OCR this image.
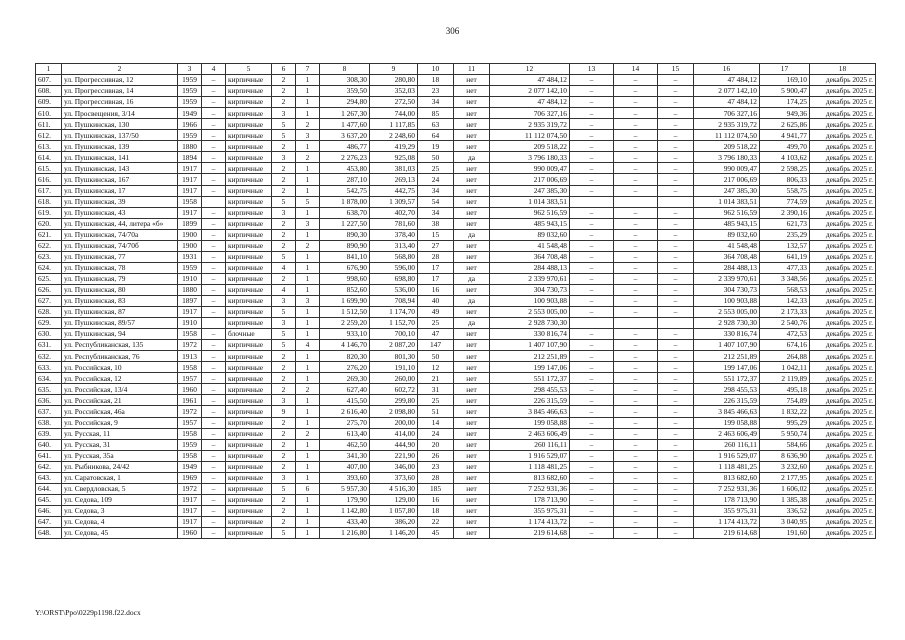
306
1	2	3	4	5	6	7	8	9	10	11	12	13	14	15	16	17	18
607.	ул. Прогрессивная, 12	1959	–	кирпичные	2	1	308,30	280,80	18	нет	47 484,12	–	–	–	47 484,12	169,10	декабрь 2025 г.
608.	ул. Прогрессивная, 14	1959	–	кирпичные	2	1	359,50	352,03	23	нет	2 077 142,10	–	–	–	2 077 142,10	5 900,47	декабрь 2025 г.
609.	ул. Прогрессивная, 16	1959	–	кирпичные	2	1	294,80	272,50	34	нет	47 484,12	–	–	–	47 484,12	174,25	декабрь 2025 г.
610.	ул. Просвещения, 3/14	1949	–	кирпичные	3	1	1 267,30	744,00	85	нет	706 327,16	–	–	–	706 327,16	949,36	декабрь 2025 г.
611.	ул. Пушкинская, 130	1966	–	кирпичные	5	2	1 477,60	1 117,85	63	нет	2 935 319,72	–	–	–	2 935 319,72	2 625,86	декабрь 2025 г.
612.	ул. Пушкинская, 137/50	1959	–	кирпичные	5	3	3 637,20	2 248,60	64	нет	11 112 074,50	–	–	–	11 112 074,50	4 941,77	декабрь 2025 г.
613.	ул. Пушкинская, 139	1880	–	кирпичные	2	1	486,77	419,29	19	нет	209 518,22	–	–	–	209 518,22	499,70	декабрь 2025 г.
614.	ул. Пушкинская, 141	1894	–	кирпичные	3	2	2 276,23	925,08	50	да	3 796 180,33	–	–	–	3 796 180,33	4 103,62	декабрь 2025 г.
615.	ул. Пушкинская, 143	1917	–	кирпичные	2	1	453,80	381,03	25	нет	990 009,47	–	–	–	990 009,47	2 598,25	декабрь 2025 г.
616.	ул. Пушкинская, 167	1917	–	кирпичные	2	1	287,10	269,13	24	нет	217 006,69	–	–	–	217 006,69	806,33	декабрь 2025 г.
617.	ул. Пушкинская, 17	1917	–	кирпичные	2	1	542,75	442,75	34	нет	247 385,30	–	–	–	247 385,30	558,75	декабрь 2025 г.
618.	ул. Пушкинская, 39	1958		кирпичные	5	5	1 878,00	1 309,57	54	нет	1 014 383,51				1 014 383,51	774,59	декабрь 2025 г.
619.	ул. Пушкинская, 43	1917	–	кирпичные	3	1	638,70	402,70	34	нет	962 516,59	–	–	–	962 516,59	2 390,16	декабрь 2025 г.
620.	ул. Пушкинская, 44, литера «б»	1899	–	кирпичные	2	3	1 227,50	781,60	38	нет	485 943,15	–	–	–	485 943,15	621,73	декабрь 2025 г.
621.	ул. Пушкинская, 74/70а	1900	–	кирпичные	2	1	890,30	378,40	15	да	89 032,60	–	–	–	89 032,60	235,29	декабрь 2025 г.
622.	ул. Пушкинская, 74/70б	1900	–	кирпичные	2	2	890,90	313,40	27	нет	41 548,48	–	–	–	41 548,48	132,57	декабрь 2025 г.
623.	ул. Пушкинская, 77	1931	–	кирпичные	5	1	841,10	568,80	28	нет	364 708,48	–	–	–	364 708,48	641,19	декабрь 2025 г.
624.	ул. Пушкинская, 78	1959	–	кирпичные	4	1	676,90	596,00	17	нет	284 488,13	–	–	–	284 488,13	477,33	декабрь 2025 г.
625.	ул. Пушкинская, 79	1910	–	кирпичные	2	1	998,60	698,80	17	да	2 339 970,61	–	–	–	2 339 970,61	3 348,56	декабрь 2025 г.
626.	ул. Пушкинская, 80	1880	–	кирпичные	4	1	852,60	536,00	16	нет	304 730,73	–	–	–	304 730,73	568,53	декабрь 2025 г.
627.	ул. Пушкинская, 83	1897	–	кирпичные	3	3	1 699,90	708,94	40	да	100 903,88	–	–	–	100 903,88	142,33	декабрь 2025 г.
628.	ул. Пушкинская, 87	1917	–	кирпичные	5	1	1 512,50	1 174,70	49	нет	2 553 005,00	–	–	–	2 553 005,00	2 173,33	декабрь 2025 г.
629.	ул. Пушкинская, 89/57	1910		кирпичные	3	1	2 259,20	1 152,70	25	да	2 928 730,30				2 928 730,30	2 540,76	декабрь 2025 г.
630.	ул. Пушкинская, 94	1958	–	блочные	5	1	933,10	700,10	47	нет	330 816,74	–	–	–	330 816,74	472,53	декабрь 2025 г.
631.	ул. Республиканская, 135	1972	–	кирпичные	5	4	4 146,70	2 087,20	147	нет	1 407 107,90	–	–	–	1 407 107,90	674,16	декабрь 2025 г.
632.	ул. Республиканская, 76	1913	–	кирпичные	2	1	820,30	801,30	50	нет	212 251,89	–	–	–	212 251,89	264,88	декабрь 2025 г.
633.	ул. Российская, 10	1958	–	кирпичные	2	1	276,20	191,10	12	нет	199 147,06	–	–	–	199 147,06	1 042,11	декабрь 2025 г.
634.	ул. Российская, 12	1957	–	кирпичные	2	1	269,30	260,00	21	нет	551 172,37	–	–	–	551 172,37	2 119,89	декабрь 2025 г.
635.	ул. Российская, 13/4	1960	–	кирпичные	2	2	627,40	602,72	31	нет	298 455,53	–	–	–	298 455,53	495,18	декабрь 2025 г.
636.	ул. Российская, 21	1961	–	кирпичные	3	1	415,50	299,80	25	нет	226 315,59	–	–	–	226 315,59	754,89	декабрь 2025 г.
637.	ул. Российская, 46а	1972	–	кирпичные	9	1	2 616,40	2 098,80	51	нет	3 845 466,63	–	–	–	3 845 466,63	1 832,22	декабрь 2025 г.
638.	ул. Российская, 9	1957	–	кирпичные	2	1	275,70	200,00	14	нет	199 058,88	–	–	–	199 058,88	995,29	декабрь 2025 г.
639.	ул. Русская, 11	1958	–	кирпичные	2	2	613,40	414,00	24	нет	2 463 606,49	–	–	–	2 463 606,49	5 950,74	декабрь 2025 г.
640.	ул. Русская, 31	1959	–	кирпичные	2	1	462,50	444,90	20	нет	260 116,11	–	–	–	260 116,11	584,66	декабрь 2025 г.
641.	ул. Русская, 35а	1958	–	кирпичные	2	1	341,30	221,90	26	нет	1 916 529,07	–	–	–	1 916 529,07	8 636,90	декабрь 2025 г.
642.	ул. Рыбникова, 24/42	1949	–	кирпичные	2	1	407,00	346,00	23	нет	1 118 481,25	–	–	–	1 118 481,25	3 232,60	декабрь 2025 г.
643.	ул. Саратовская, 1	1969	–	кирпичные	3	1	393,60	373,60	28	нет	813 682,60	–	–	–	813 682,60	2 177,95	декабрь 2025 г.
644.	ул. Свердловская, 5	1972	–	кирпичные	5	6	5 957,30	4 516,30	185	нет	7 252 931,36	–	–	–	7 252 931,36	1 606,02	декабрь 2025 г.
645.	ул. Седова, 109	1917	–	кирпичные	2	1	179,90	129,00	16	нет	178 713,90	–	–	–	178 713,90	1 385,38	декабрь 2025 г.
646.	ул. Седова, 3	1917	–	кирпичные	2	1	1 142,80	1 057,80	18	нет	355 975,31	–	–	–	355 975,31	336,52	декабрь 2025 г.
647.	ул. Седова, 4	1917	–	кирпичные	2	1	433,40	386,20	22	нет	1 174 413,72	–	–	–	1 174 413,72	3 040,95	декабрь 2025 г.
648.	ул. Седова, 45	1960	–	кирпичные	5	1	1 216,80	1 146,20	45	нет	219 614,68	–	–	–	219 614,68	191,60	декабрь 2025 г.
Y:\ORST\Ppo\0229p1198.f22.docx
